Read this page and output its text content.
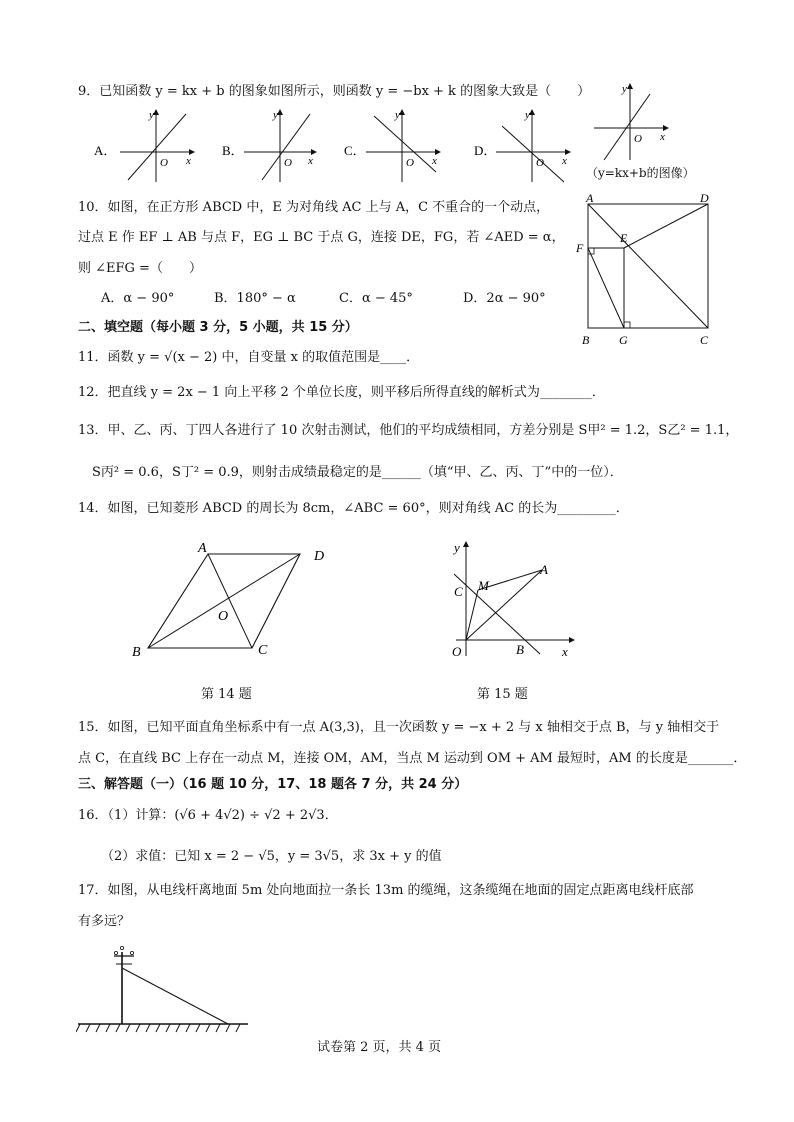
9．已知函数 y = kx + b 的图象如图所示，则函数 y = −bx + k 的图象大致是（　　）
A．
y
O x
B．
y
O x
C．
y
O x
D．
y
O x
y
O x
（y=kx+b的图像）
10．如图，在正方形 ABCD 中，E 为对角线 AC 上与 A，C 不重合的一个动点，
过点 E 作 EF ⊥ AB 与点 F，EG ⊥ BC 于点 G，连接 DE，FG，若 ∠AED = α，
则 ∠EFG =（　　）
A．α − 90°	B．180° − α	C．α − 45°	D．2α − 90°
A	D
E
F
B G	C
二、填空题（每小题 3 分，5 小题，共 15 分）
11．函数 y = √(x − 2) 中，自变量 x 的取值范围是____．
12．把直线 y = 2x − 1 向上平移 2 个单位长度，则平移后所得直线的解析式为________．
13．甲、乙、丙、丁四人各进行了 10 次射击测试，他们的平均成绩相同，方差分别是 S甲² = 1.2，S乙² = 1.1，
S丙² = 0.6，S丁² = 0.9，则射击成绩最稳定的是______（填“甲、乙、丙、丁”中的一位）．
14．如图，已知菱形 ABCD 的周长为 8cm，∠ABC = 60°，则对角线 AC 的长为_________．
A
D
B	C
O
第 14 题
y
x
O
C M
A
B
第 15 题
15．如图，已知平面直角坐标系中有一点 A(3,3)，且一次函数 y = −x + 2 与 x 轴相交于点 B，与 y 轴相交于
点 C，在直线 BC 上存在一动点 M，连接 OM，AM，当点 M 运动到 OM + AM 最短时，AM 的长度是_______．
三、解答题（一）（16 题 10 分，17、18 题各 7 分，共 24 分）
16．（1）计算：(√6 + 4√2) ÷ √2 + 2√3．
（2）求值：已知 x = 2 − √5，y = 3√5，求 3x + y 的值
17．如图，从电线杆离地面 5m 处向地面拉一条长 13m 的缆绳，这条缆绳在地面的固定点距离电线杆底部
有多远？
试卷第 2 页，共 4 页
